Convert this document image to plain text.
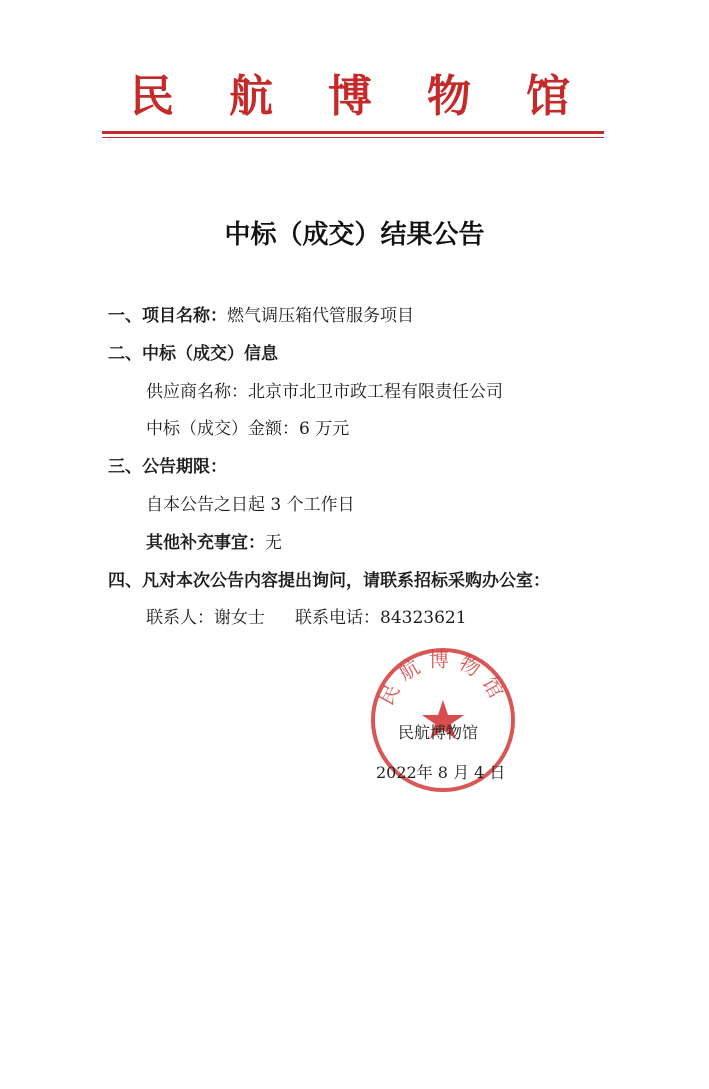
民 航 博 物 馆
中标（成交）结果公告
一、项目名称：燃气调压箱代管服务项目
二、中标（成交）信息
供应商名称：北京市北卫市政工程有限责任公司
中标（成交）金额：6 万元
三、公告期限：
自本公告之日起 3 个工作日
其他补充事宜：无
四、凡对本次公告内容提出询问，请联系招标采购办公室：
联系人：谢女士 联系电话：84323621
民航博物馆
民航博物馆
2022年 8 月 4 日
